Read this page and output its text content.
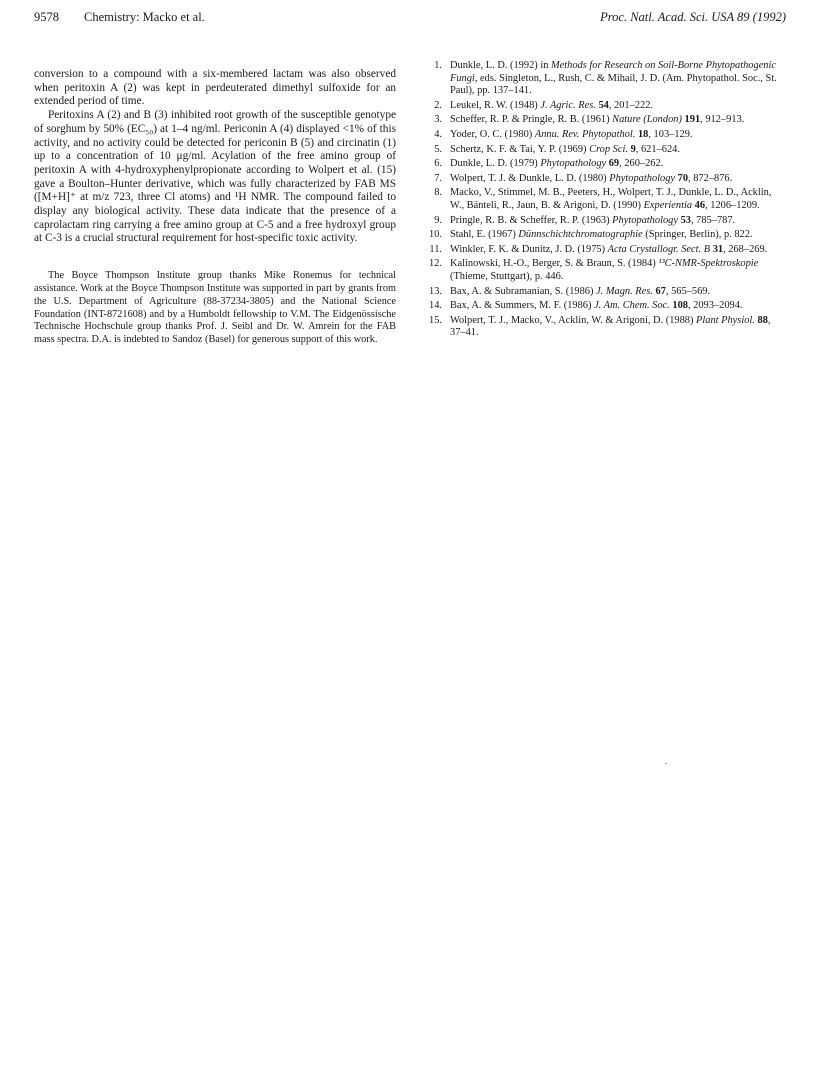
9578 Chemistry: Macko et al.	Proc. Natl. Acad. Sci. USA 89 (1992)

conversion to a compound with a six-membered lactam was also observed when peritoxin A (2) was kept in perdeuterated dimethyl sulfoxide for an extended period of time.

Peritoxins A (2) and B (3) inhibited root growth of the susceptible genotype of sorghum by 50% (EC₅₀) at 1–4 ng/ml. Periconin A (4) displayed <1% of this activity, and no activity could be detected for periconin B (5) and circinatin (1) up to a concentration of 10 μg/ml. Acylation of the free amino group of peritoxin A with 4-hydroxyphenylpropionate according to Wolpert et al. (15) gave a Boulton–Hunter derivative, which was fully characterized by FAB MS ([M+H]⁺ at m/z 723, three Cl atoms) and ¹H NMR. The compound failed to display any biological activity. These data indicate that the presence of a caprolactam ring carrying a free amino group at C-5 and a free hydroxyl group at C-3 is a crucial structural requirement for host-specific toxic activity.

The Boyce Thompson Institute group thanks Mike Ronemus for technical assistance. Work at the Boyce Thompson Institute was supported in part by grants from the U.S. Department of Agriculture (88-37234-3805) and the National Science Foundation (INT-8721608) and by a Humboldt fellowship to V.M. The Eidgenössische Technische Hochschule group thanks Prof. J. Seibl and Dr. W. Amrein for the FAB mass spectra. D.A. is indebted to Sandoz (Basel) for generous support of this work.

1. Dunkle, L. D. (1992) in Methods for Research on Soil-Borne Phytopathogenic Fungi, eds. Singleton, L., Rush, C. & Mihail, J. D. (Am. Phytopathol. Soc., St. Paul), pp. 137–141.
2. Leukel, R. W. (1948) J. Agric. Res. 54, 201–222.
3. Scheffer, R. P. & Pringle, R. B. (1961) Nature (London) 191, 912–913.
4. Yoder, O. C. (1980) Annu. Rev. Phytopathol. 18, 103–129.
5. Schertz, K. F. & Tai, Y. P. (1969) Crop Sci. 9, 621–624.
6. Dunkle, L. D. (1979) Phytopathology 69, 260–262.
7. Wolpert, T. J. & Dunkle, L. D. (1980) Phytopathology 70, 872–876.
8. Macko, V., Stimmel, M. B., Peeters, H., Wolpert, T. J., Dunkle, L. D., Acklin, W., Bänteli, R., Jaun, B. & Arigoni, D. (1990) Experientia 46, 1206–1209.
9. Pringle, R. B. & Scheffer, R. P. (1963) Phytopathology 53, 785–787.
10. Stahl, E. (1967) Dünnschichtchromatographie (Springer, Berlin), p. 822.
11. Winkler, F. K. & Dunitz, J. D. (1975) Acta Crystallogr. Sect. B 31, 268–269.
12. Kalinowski, H.-O., Berger, S. & Braun, S. (1984) ¹³C-NMR-Spektroskopie (Thieme, Stuttgart), p. 446.
13. Bax, A. & Subramanian, S. (1986) J. Magn. Res. 67, 565–569.
14. Bax, A. & Summers, M. F. (1986) J. Am. Chem. Soc. 108, 2093–2094.
15. Wolpert, T. J., Macko, V., Acklin, W. & Arigoni, D. (1988) Plant Physiol. 88, 37–41.
